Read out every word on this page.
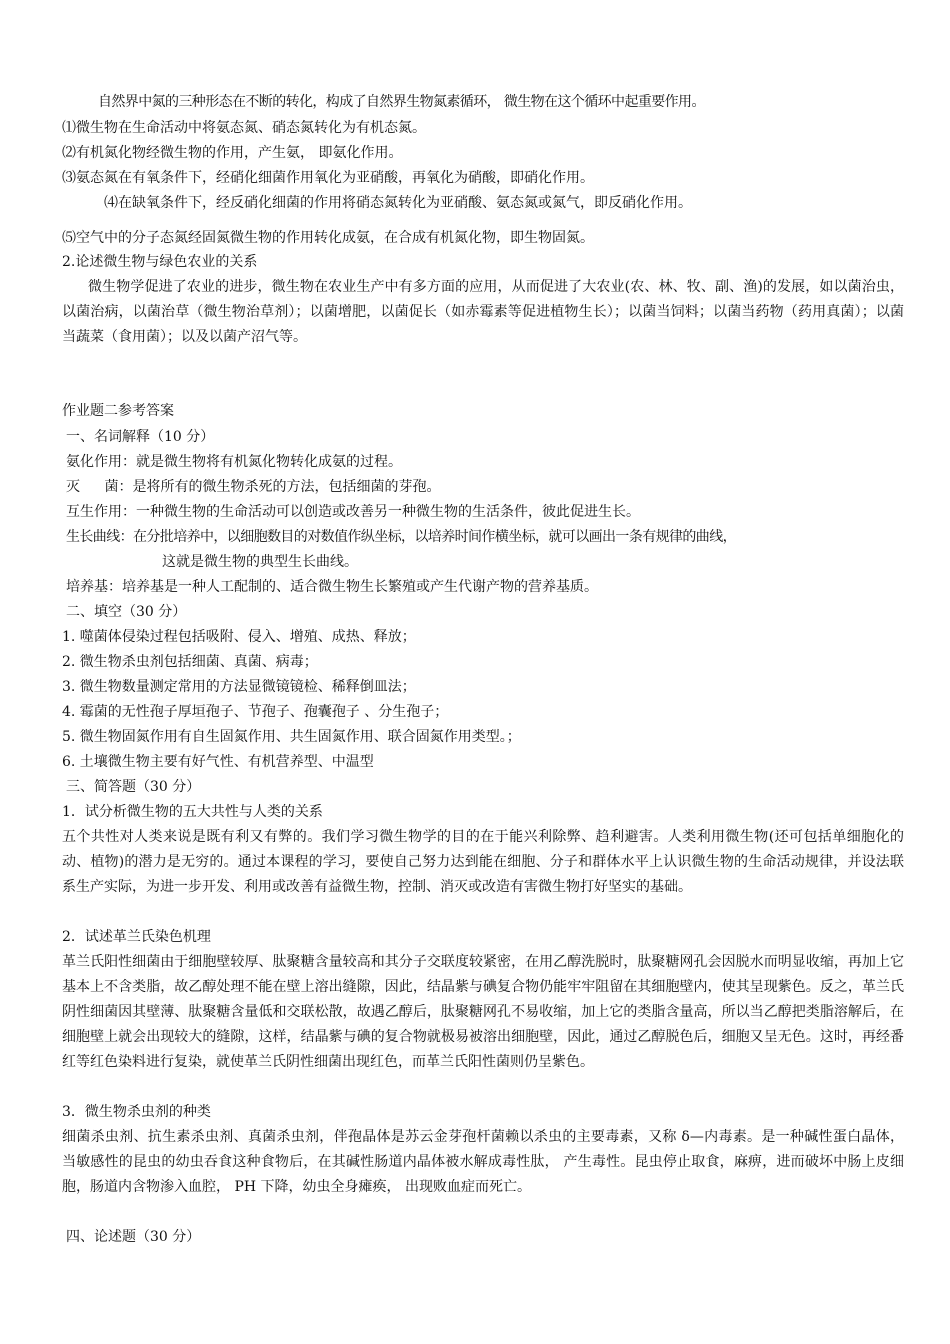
自然界中氮的三种形态在不断的转化，构成了自然界生物氮素循环， 微生物在这个循环中起重要作用。
⑴微生物在生命活动中将氨态氮、硝态氮转化为有机态氮。
⑵有机氮化物经微生物的作用，产生氨， 即氨化作用。
⑶氨态氮在有氧条件下，经硝化细菌作用氧化为亚硝酸，再氧化为硝酸，即硝化作用。
⑷在缺氧条件下，经反硝化细菌的作用将硝态氮转化为亚硝酸、氨态氮或氮气，即反硝化作用。
⑸空气中的分子态氮经固氮微生物的作用转化成氨，在合成有机氮化物，即生物固氮。
2.论述微生物与绿色农业的关系
微生物学促进了农业的进步，微生物在农业生产中有多方面的应用，从而促进了大农业(农、林、牧、副、渔)的发展，如以菌治虫，以菌治病，以菌治草（微生物治草剂）；以菌增肥，以菌促长（如赤霉素等促进植物生长）；以菌当饲料；以菌当药物（药用真菌）；以菌当蔬菜（食用菌）；以及以菌产沼气等。
作业题二参考答案
一、名词解释（10 分）
氨化作用：就是微生物将有机氮化物转化成氨的过程。
灭 菌：是将所有的微生物杀死的方法，包括细菌的芽孢。
互生作用：一种微生物的生命活动可以创造或改善另一种微生物的生活条件，彼此促进生长。
生长曲线：在分批培养中，以细胞数目的对数值作纵坐标，以培养时间作横坐标，就可以画出一条有规律的曲线，
这就是微生物的典型生长曲线。
培养基：培养基是一种人工配制的、适合微生物生长繁殖或产生代谢产物的营养基质。
二、填空（30 分）
1. 噬菌体侵染过程包括吸附、侵入、增殖、成热、释放；
2. 微生物杀虫剂包括细菌、真菌、病毒；
3. 微生物数量测定常用的方法显微镜镜检、稀释倒皿法；
4. 霉菌的无性孢子厚垣孢子、节孢子、孢囊孢子 、分生孢子；
5. 微生物固氮作用有自生固氮作用、共生固氮作用、联合固氮作用类型。；
6. 土壤微生物主要有好气性、有机营养型、中温型
三、简答题（30 分）
1．试分析微生物的五大共性与人类的关系
五个共性对人类来说是既有利又有弊的。我们学习微生物学的目的在于能兴利除弊、趋利避害。人类利用微生物(还可包括单细胞化的动、植物)的潜力是无穷的。通过本课程的学习，要使自己努力达到能在细胞、分子和群体水平上认识微生物的生命活动规律，并设法联系生产实际，为进一步开发、利用或改善有益微生物，控制、消灭或改造有害微生物打好坚实的基础。
2．试述革兰氏染色机理
革兰氏阳性细菌由于细胞壁较厚、肽聚糖含量较高和其分子交联度较紧密，在用乙醇洗脱时，肽聚糖网孔会因脱水而明显收缩，再加上它基本上不含类脂，故乙醇处理不能在壁上溶出缝隙，因此，结晶紫与碘复合物仍能牢牢阻留在其细胞壁内，使其呈现紫色。反之，革兰氏阴性细菌因其壁薄、肽聚糖含量低和交联松散，故遇乙醇后，肽聚糖网孔不易收缩，加上它的类脂含量高，所以当乙醇把类脂溶解后，在细胞壁上就会出现较大的缝隙，这样，结晶紫与碘的复合物就极易被溶出细胞壁，因此，通过乙醇脱色后，细胞又呈无色。这时，再经番红等红色染料进行复染，就使革兰氏阴性细菌出现红色，而革兰氏阳性菌则仍呈紫色。
3．微生物杀虫剂的种类
细菌杀虫剂、抗生素杀虫剂、真菌杀虫剂，伴孢晶体是苏云金芽孢杆菌赖以杀虫的主要毒素，又称 δ—内毒素。是一种碱性蛋白晶体， 当敏感性的昆虫的幼虫吞食这种食物后，在其碱性肠道内晶体被水解成毒性肽， 产生毒性。昆虫停止取食，麻痹，进而破坏中肠上皮细胞，肠道内含物渗入血腔， PH 下降，幼虫全身瘫痪， 出现败血症而死亡。
四、论述题（30 分）
